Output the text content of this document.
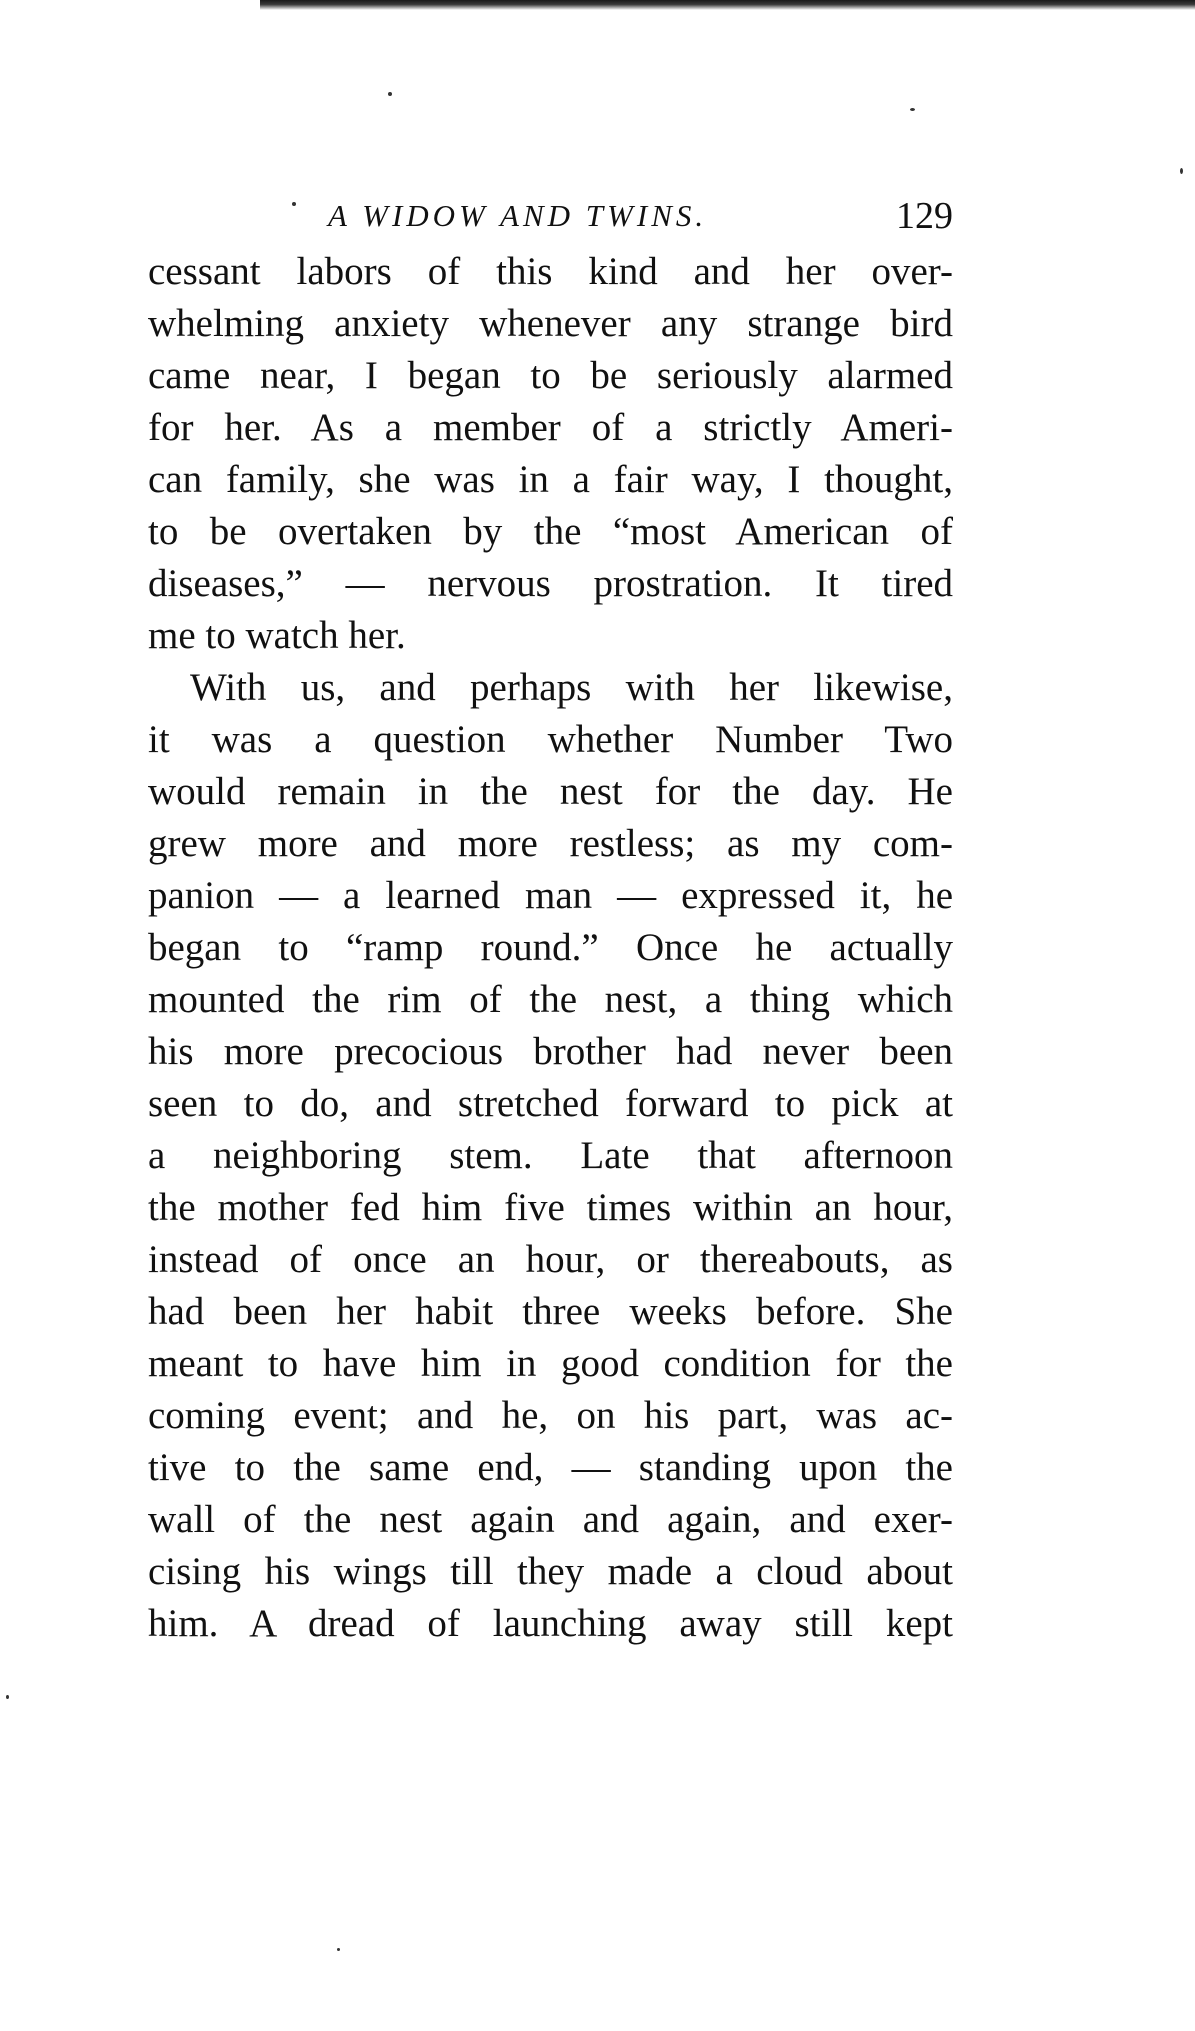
A WIDOW AND TWINS.	129
cessant labors of this kind and her over-
whelming anxiety whenever any strange bird
came near, I began to be seriously alarmed
for her. As a member of a strictly Ameri-
can family, she was in a fair way, I thought,
to be overtaken by the “most American of
diseases,” — nervous prostration. It tired
me to watch her.
With us, and perhaps with her likewise,
it was a question whether Number Two
would remain in the nest for the day. He
grew more and more restless; as my com-
panion — a learned man — expressed it, he
began to “ramp round.” Once he actually
mounted the rim of the nest, a thing which
his more precocious brother had never been
seen to do, and stretched forward to pick at
a neighboring stem. Late that afternoon
the mother fed him five times within an hour,
instead of once an hour, or thereabouts, as
had been her habit three weeks before. She
meant to have him in good condition for the
coming event; and he, on his part, was ac-
tive to the same end, — standing upon the
wall of the nest again and again, and exer-
cising his wings till they made a cloud about
him. A dread of launching away still kept
